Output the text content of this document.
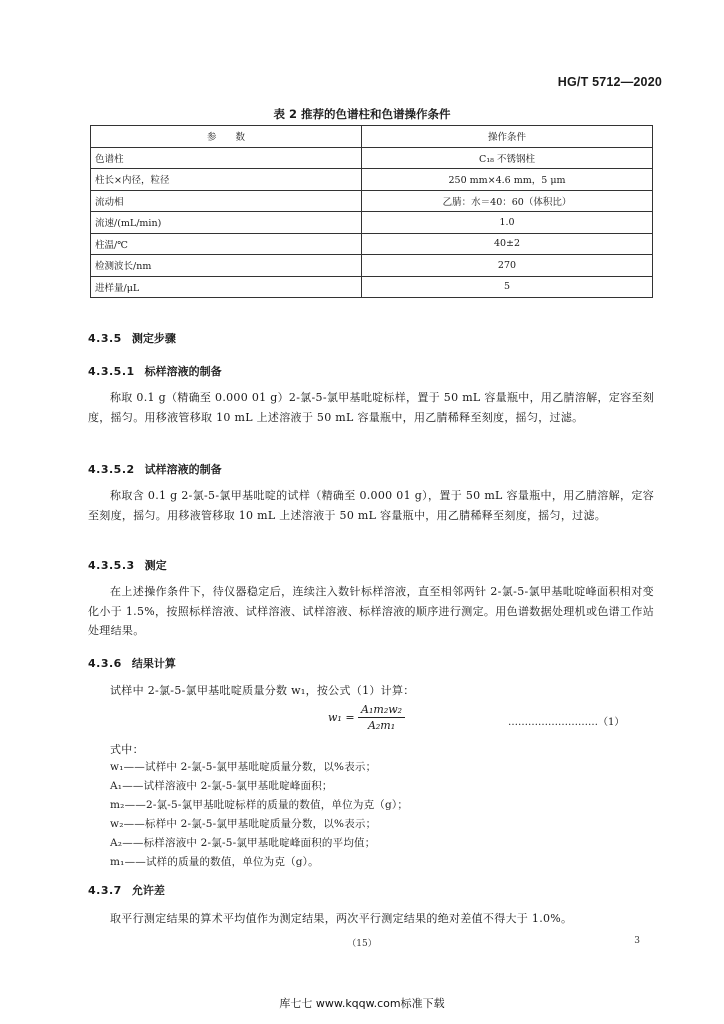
HG/T 5712—2020
表 2 推荐的色谱柱和色谱操作条件
参　　数	操作条件
色谱柱	C₁₈ 不锈钢柱
柱长×内径，粒径	250 mm×4.6 mm，5 μm
流动相	乙腈：水＝40：60（体积比）
流速/(mL/min)	1.0
柱温/℃	40±2
检测波长/nm	270
进样量/μL	5
4.3.5 测定步骤
4.3.5.1 标样溶液的制备
称取 0.1 g（精确至 0.000 01 g）2-氯-5-氯甲基吡啶标样，置于 50 mL 容量瓶中，用乙腈溶解，定容至刻度，摇匀。用移液管移取 10 mL 上述溶液于 50 mL 容量瓶中，用乙腈稀释至刻度，摇匀，过滤。
4.3.5.2 试样溶液的制备
称取含 0.1 g 2-氯-5-氯甲基吡啶的试样（精确至 0.000 01 g），置于 50 mL 容量瓶中，用乙腈溶解，定容至刻度，摇匀。用移液管移取 10 mL 上述溶液于 50 mL 容量瓶中，用乙腈稀释至刻度，摇匀，过滤。
4.3.5.3 测定
在上述操作条件下，待仪器稳定后，连续注入数针标样溶液，直至相邻两针 2-氯-5-氯甲基吡啶峰面积相对变化小于 1.5%，按照标样溶液、试样溶液、试样溶液、标样溶液的顺序进行测定。用色谱数据处理机或色谱工作站处理结果。
4.3.6 结果计算
试样中 2-氯-5-氯甲基吡啶质量分数 w₁，按公式（1）计算：
$w_1 = \frac{\text{A₁m₂w₂}}{\text{A₂m₁}}$	………………………（1）
式中：
w₁——试样中 2-氯-5-氯甲基吡啶质量分数，以%表示；
A₁——试样溶液中 2-氯-5-氯甲基吡啶峰面积；
m₂——2-氯-5-氯甲基吡啶标样的质量的数值，单位为克（g）；
w₂——标样中 2-氯-5-氯甲基吡啶质量分数，以%表示；
A₂——标样溶液中 2-氯-5-氯甲基吡啶峰面积的平均值；
m₁——试样的质量的数值，单位为克（g）。
4.3.7 允许差
取平行测定结果的算术平均值作为测定结果，两次平行测定结果的绝对差值不得大于 1.0%。
（15）	3
库七七 www.kqqw.com标准下载
